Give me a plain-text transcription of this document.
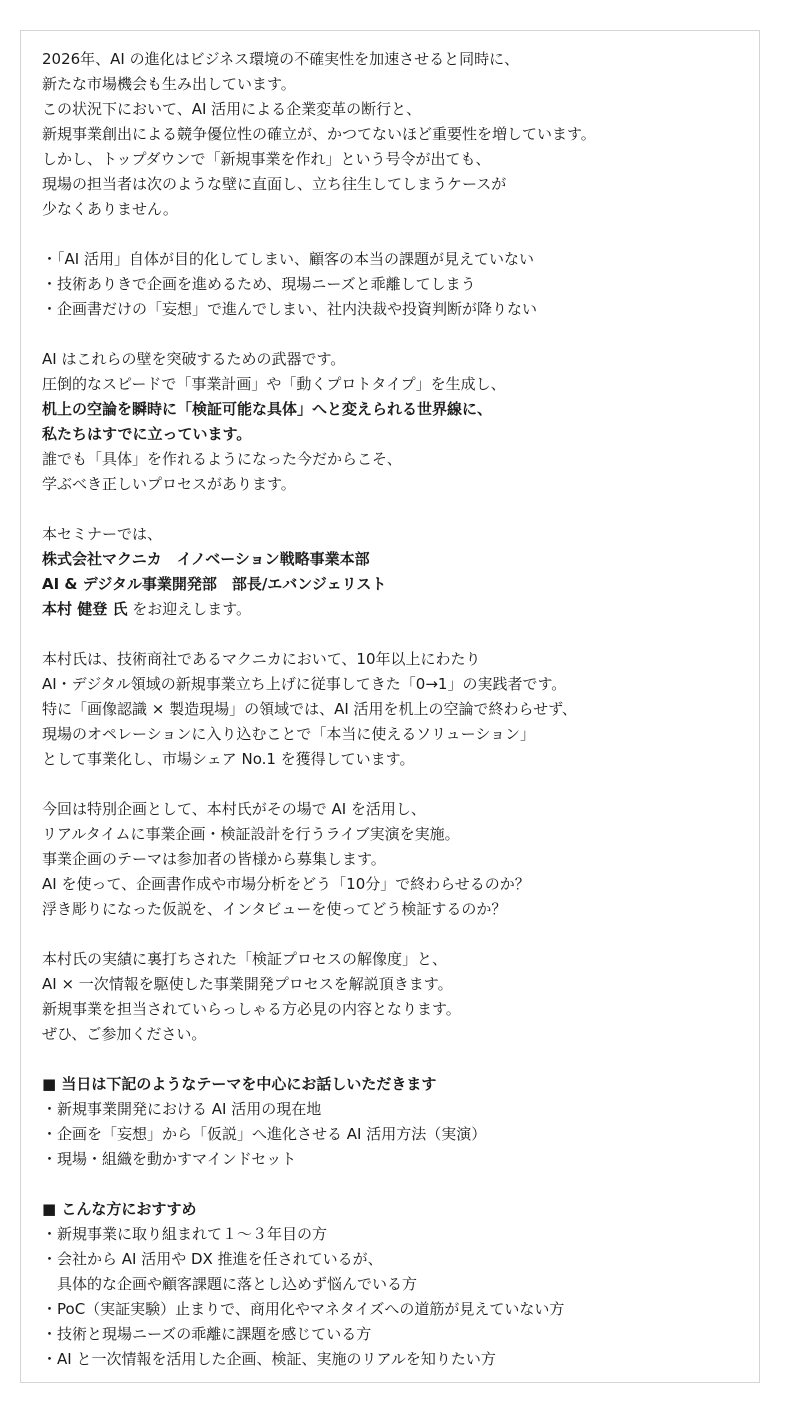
2026年、AI の進化はビジネス環境の不確実性を加速させると同時に、
新たな市場機会も生み出しています。
この状況下において、AI 活用による企業変革の断行と、
新規事業創出による競争優位性の確立が、かつてないほど重要性を増しています。
しかし、トップダウンで「新規事業を作れ」という号令が出ても、
現場の担当者は次のような壁に直面し、立ち往生してしまうケースが
少なくありません。
・「AI 活用」自体が目的化してしまい、顧客の本当の課題が見えていない
・技術ありきで企画を進めるため、現場ニーズと乖離してしまう
・企画書だけの「妄想」で進んでしまい、社内決裁や投資判断が降りない
AI はこれらの壁を突破するための武器です。
圧倒的なスピードで「事業計画」や「動くプロトタイプ」を生成し、
机上の空論を瞬時に「検証可能な具体」へと変えられる世界線に、
私たちはすでに立っています。
誰でも「具体」を作れるようになった今だからこそ、
学ぶべき正しいプロセスがあります。
本セミナーでは、
株式会社マクニカ　イノベーション戦略事業本部
AI & デジタル事業開発部　部長/エバンジェリスト
本村 健登 氏 をお迎えします。
本村氏は、技術商社であるマクニカにおいて、10年以上にわたり
AI・デジタル領域の新規事業立ち上げに従事してきた「0→1」の実践者です。
特に「画像認識 × 製造現場」の領域では、AI 活用を机上の空論で終わらせず、
現場のオペレーションに入り込むことで「本当に使えるソリューション」
として事業化し、市場シェア No.1 を獲得しています。
今回は特別企画として、本村氏がその場で AI を活用し、
リアルタイムに事業企画・検証設計を行うライブ実演を実施。
事業企画のテーマは参加者の皆様から募集します。
AI を使って、企画書作成や市場分析をどう「10分」で終わらせるのか？
浮き彫りになった仮説を、インタビューを使ってどう検証するのか？
本村氏の実績に裏打ちされた「検証プロセスの解像度」と、
AI × 一次情報を駆使した事業開発プロセスを解説頂きます。
新規事業を担当されていらっしゃる方必見の内容となります。
ぜひ、ご参加ください。
■ 当日は下記のようなテーマを中心にお話しいただきます
・新規事業開発における AI 活用の現在地
・企画を「妄想」から「仮説」へ進化させる AI 活用方法（実演）
・現場・組織を動かすマインドセット
■ こんな方におすすめ
・新規事業に取り組まれて１～３年目の方
・会社から AI 活用や DX 推進を任されているが、
　具体的な企画や顧客課題に落とし込めず悩んでいる方
・PoC（実証実験）止まりで、商用化やマネタイズへの道筋が見えていない方
・技術と現場ニーズの乖離に課題を感じている方
・AI と一次情報を活用した企画、検証、実施のリアルを知りたい方
